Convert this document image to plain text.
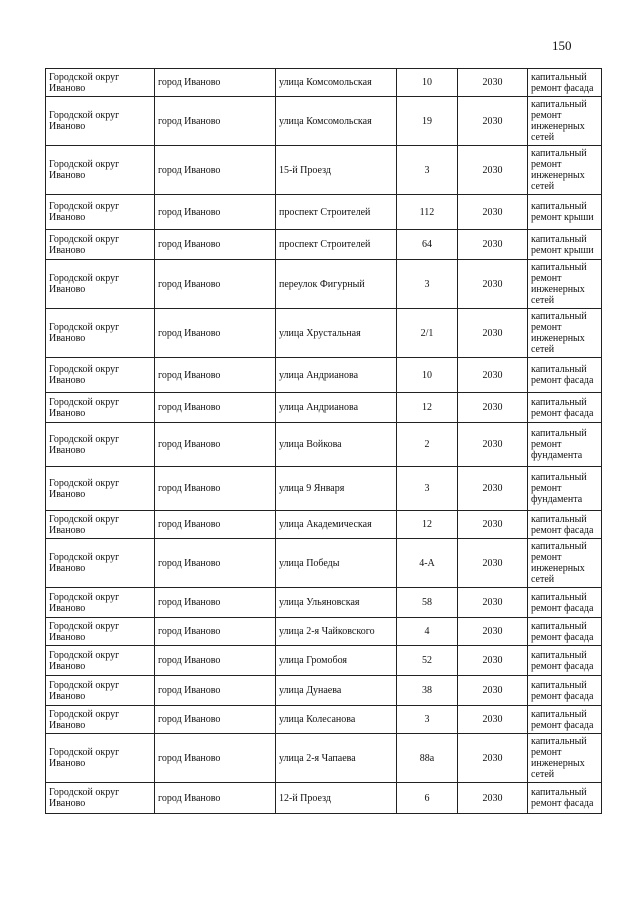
150
Городской округ Иваново	город Иваново	улица Комсомольская	10	2030	капитальный ремонт фасада
Городской округ Иваново	город Иваново	улица Комсомольская	19	2030	капитальный ремонт инженерных сетей
Городской округ Иваново	город Иваново	15-й Проезд	3	2030	капитальный ремонт инженерных сетей
Городской округ Иваново	город Иваново	проспект Строителей	112	2030	капитальный ремонт крыши
Городской округ Иваново	город Иваново	проспект Строителей	64	2030	капитальный ремонт крыши
Городской округ Иваново	город Иваново	переулок Фигурный	3	2030	капитальный ремонт инженерных сетей
Городской округ Иваново	город Иваново	улица Хрустальная	2/1	2030	капитальный ремонт инженерных сетей
Городской округ Иваново	город Иваново	улица Андрианова	10	2030	капитальный ремонт фасада
Городской округ Иваново	город Иваново	улица Андрианова	12	2030	капитальный ремонт фасада
Городской округ Иваново	город Иваново	улица Войкова	2	2030	капитальный ремонт фундамента
Городской округ Иваново	город Иваново	улица 9 Января	3	2030	капитальный ремонт фундамента
Городской округ Иваново	город Иваново	улица Академическая	12	2030	капитальный ремонт фасада
Городской округ Иваново	город Иваново	улица Победы	4-А	2030	капитальный ремонт инженерных сетей
Городской округ Иваново	город Иваново	улица Ульяновская	58	2030	капитальный ремонт фасада
Городской округ Иваново	город Иваново	улица 2-я Чайковского	4	2030	капитальный ремонт фасада
Городской округ Иваново	город Иваново	улица Громобоя	52	2030	капитальный ремонт фасада
Городской округ Иваново	город Иваново	улица Дунаева	38	2030	капитальный ремонт фасада
Городской округ Иваново	город Иваново	улица Колесанова	3	2030	капитальный ремонт фасада
Городской округ Иваново	город Иваново	улица 2-я Чапаева	88а	2030	капитальный ремонт инженерных сетей
Городской округ Иваново	город Иваново	12-й Проезд	6	2030	капитальный ремонт фасада
